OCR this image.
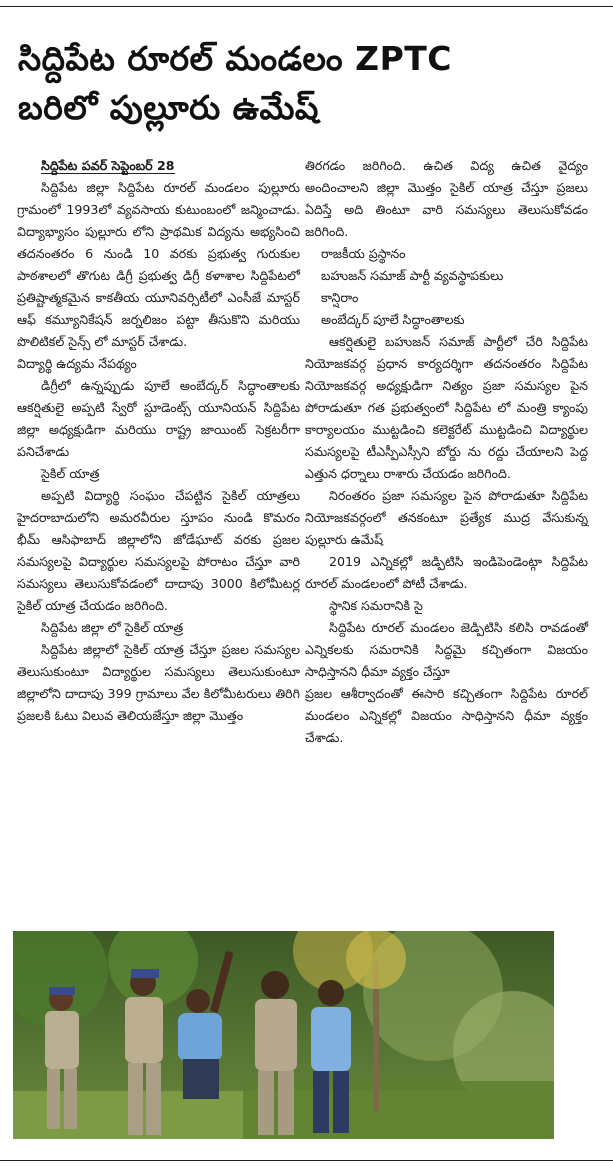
సిద్దిపేట రూరల్ మండలం ZPTC
బరిలో పుల్లూరు ఉమేష్

సిద్దిపేట పవర్ సెప్టెంబర్ 28

సిద్దిపేట జిల్లా సిద్దిపేట రూరల్ మండలం పుల్లూరు గ్రామంలో 1993లో వ్యవసాయ కుటుంబంలో జన్మించాడు. విద్యాభ్యాసం పుల్లూరు లోని ప్రాథమిక విద్యను అభ్యసించి తదనంతరం 6 నుండి 10 వరకు ప్రభుత్వ గురుకుల పాఠశాలలో తొగుట డిగ్రీ ప్రభుత్వ డిగ్రీ కళాశాల సిద్దిపేటలో ప్రతిష్టాత్మకమైన కాకతీయ యూనివర్సిటీలో ఎంసీజే మాస్టర్ ఆఫ్ కమ్యూనికేషన్ జర్నలిజం పట్టా తీసుకొని మరియు పొలిటికల్ సైన్స్ లో మాస్టర్ చేశాడు.

విద్యార్థి ఉద్యమ నేపథ్యం

డిగ్రీలో ఉన్నప్పుడు పూలే అంబేద్కర్ సిద్ధాంతాలకు ఆకర్షితులై అప్పటి స్వేరో స్టూడెంట్స్ యూనియన్ సిద్దిపేట జిల్లా అధ్యక్షుడిగా మరియు రాష్ట్ర జాయింట్ సెక్రటరీగా పనిచేశాడు

సైకిల్ యాత్ర

అప్పటి విద్యార్థి సంఘం చేపట్టిన సైకిల్ యాత్రలు హైదరాబాదులోని అమరవీరుల స్తూపం నుండి కొమరం భీమ్ ఆసిఫాబాద్ జిల్లాలోని జోడేఘాట్ వరకు ప్రజల సమస్యలపై విద్యార్థుల సమస్యలపై పోరాటం చేస్తూ వారి సమస్యలు తెలుసుకోవడంలో దాదాపు 3000 కిలోమీటర్ల సైకిల్ యాత్ర చేయడం జరిగింది.

సిద్దిపేట జిల్లా లో సైకిల్ యాత్ర

సిద్దిపేట జిల్లాలో సైకిల్ యాత్ర చేస్తూ ప్రజల సమస్యల తెలుసుకుంటూ విద్యార్థుల సమస్యలు తెలుసుకుంటూ జిల్లాలోని దాదాపు 399 గ్రామాలు వేల కిలోమీటరులు తిరిగి ప్రజలకి ఓటు విలువ తెలియజేస్తూ జిల్లా మొత్తం

తిరగడం జరిగింది. ఉచిత విద్య ఉచిత వైద్యం అందించాలని జిల్లా మొత్తం సైకిల్ యాత్ర చేస్తూ ప్రజలు ఏదిస్తే అది తింటూ వారి సమస్యలు తెలుసుకోవడం జరిగింది.

రాజకీయ ప్రస్థానం

బహుజన్ సమాజ్ పార్టీ వ్యవస్థాపకులు

కాన్షిరాం

అంబేద్కర్ పూలే సిద్ధాంతాలకు

ఆకర్షితులై బహుజన్ సమాజ్ పార్టీలో చేరి సిద్దిపేట నియోజకవర్గ ప్రధాన కార్యదర్శిగా తదనంతరం సిద్దిపేట నియోజకవర్గ అధ్యక్షుడిగా నిత్యం ప్రజా సమస్యల పైన పోరాడుతూ గత ప్రభుత్వంలో సిద్దిపేట లో మంత్రి క్యాంపు కార్యాలయం ముట్టడించి కలెక్టరేట్ ముట్టడించి విద్యార్థుల సమస్యలపై టీఎస్పీఎస్సీని బోర్డు ను రద్దు చేయాలని పెద్ద ఎత్తున ధర్నాలు రాశారు చేయడం జరిగింది.

నిరంతరం ప్రజా సమస్యల పైన పోరాడుతూ సిద్దిపేట నియోజకవర్గంలో తనకంటూ ప్రత్యేక ముద్ర వేసుకున్న పుల్లూరు ఉమేష్

2019 ఎన్నికల్లో జడ్పిటిసి ఇండిపెండెంట్గా సిద్దిపేట రూరల్ మండలంలో పోటీ చేశాడు.

స్థానిక సమరానికి సై

సిద్దిపేట రూరల్ మండలం జెడ్పిటిసి కలిసి రావడంతో ఎన్నికలకు సమరానికి సిద్ధమై కచ్చితంగా విజయం సాధిస్తానని ధీమా వ్యక్తం చేస్తూ

ప్రజల ఆశీర్వాదంతో ఈసారి కచ్చితంగా సిద్దిపేట రూరల్ మండలం ఎన్నికల్లో విజయం సాధిస్తానని ధీమా వ్యక్తం చేశాడు.
